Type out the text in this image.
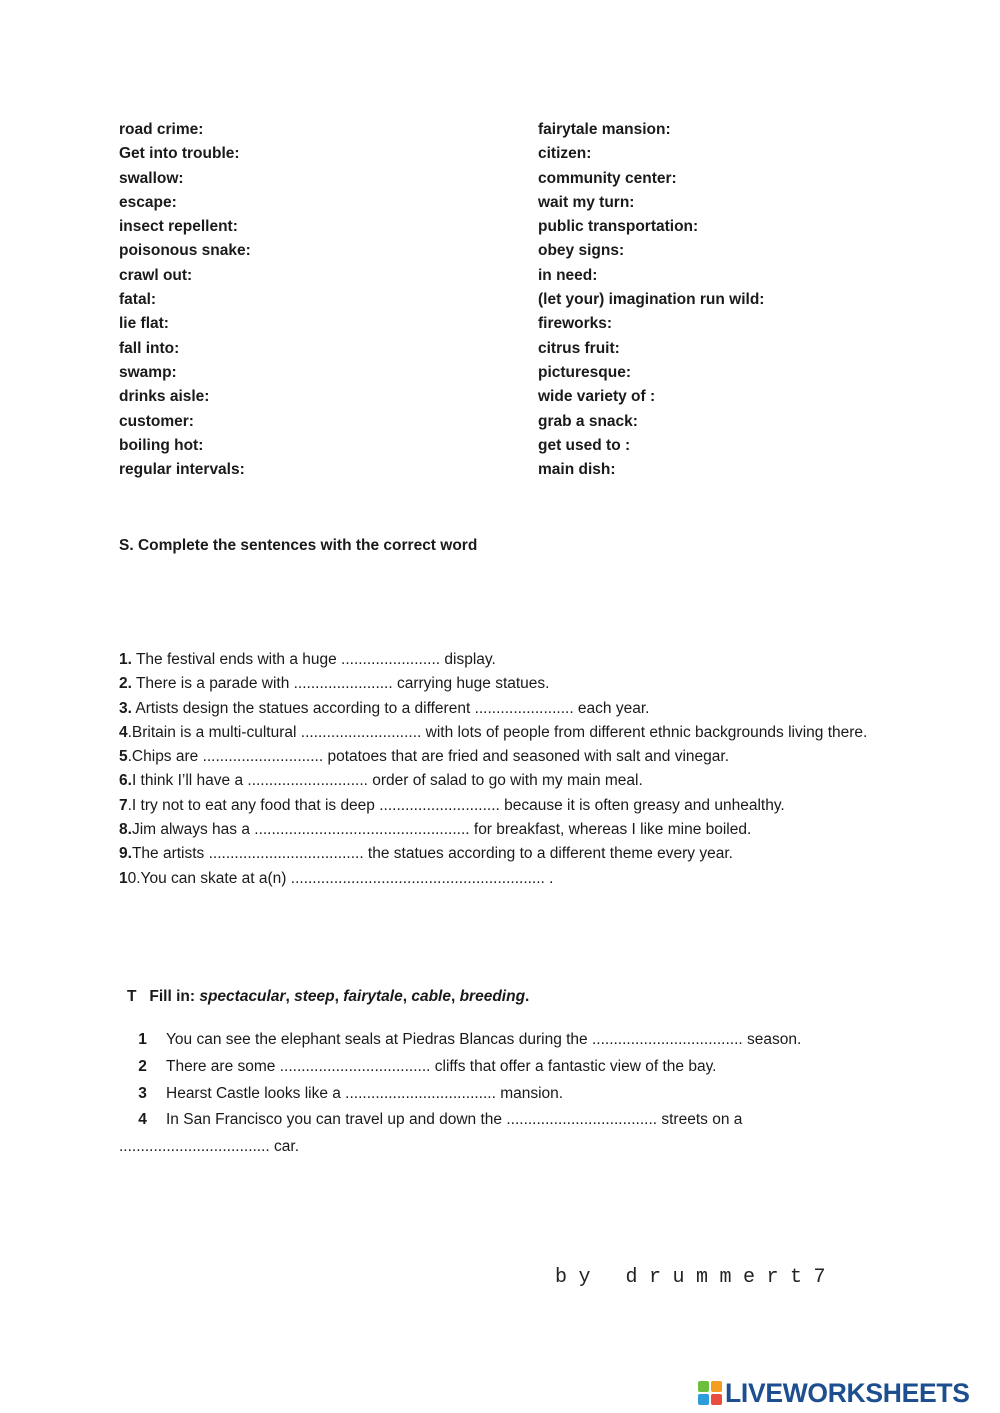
road crime:
Get into trouble:
swallow:
escape:
insect repellent:
poisonous snake:
crawl out:
fatal:
lie flat:
fall into:
swamp:
drinks aisle:
customer:
boiling hot:
regular intervals:
fairytale mansion:
citizen:
community center:
wait my turn:
public transportation:
obey signs:
in need:
(let your) imagination run wild:
fireworks:
citrus fruit:
picturesque:
wide variety of :
grab a snack:
get used to :
main dish:
S. Complete the sentences with the correct word
1. The festival ends with a huge ....................... display.
2. There is a parade with ....................... carrying huge statues.
3. Artists design the statues according to a different ....................... each year.
4.Britain is a multi-cultural ............................ with lots of people from different ethnic backgrounds living there.
5.Chips are ............................ potatoes that are fried and seasoned with salt and vinegar.
6.I think I’ll have a ............................ order of salad to go with my main meal.
7.I try not to eat any food that is deep ............................ because it is often greasy and unhealthy.
8.Jim always has a .................................................. for breakfast, whereas I like mine boiled.
9.The artists .................................... the statues according to a different theme every year.
10.You can skate at a(n) ........................................................... .
T Fill in: spectacular, steep, fairytale, cable, breeding.
1	You can see the elephant seals at Piedras Blancas during the ................................... season.
2	There are some ................................... cliffs that offer a fantastic view of the bay.
3	Hearst Castle looks like a ................................... mansion.
4	In San Francisco you can travel up and down the ................................... streets on a
................................... car.
by drummert7
LIVEWORKSHEETS
